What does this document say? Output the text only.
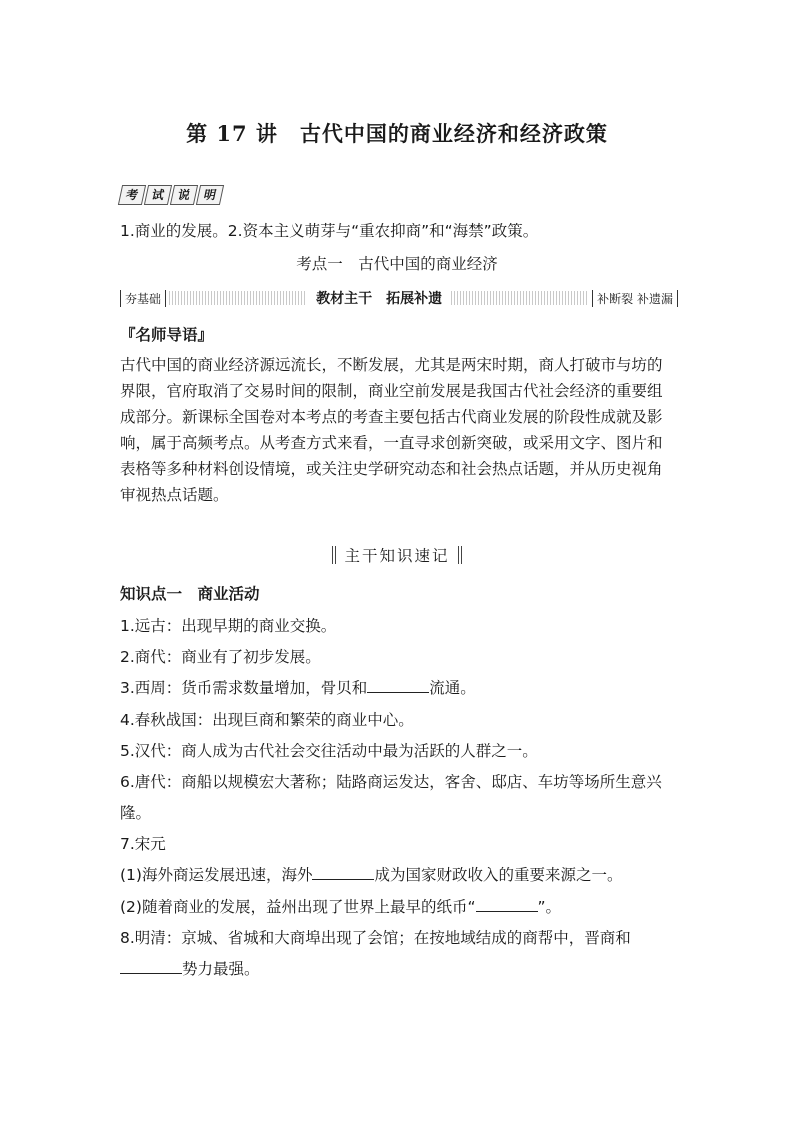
第 17 讲　古代中国的商业经济和经济政策
考 试 说 明
1.商业的发展。2.资本主义萌芽与“重农抑商”和“海禁”政策。
考点一　古代中国的商业经济
夯基础	教材主干　拓展补遗	补断裂 补遗漏
『名师导语』
古代中国的商业经济源远流长，不断发展，尤其是两宋时期，商人打破市与坊的
界限，官府取消了交易时间的限制，商业空前发展是我国古代社会经济的重要组
成部分。新课标全国卷对本考点的考查主要包括古代商业发展的阶段性成就及影
响，属于高频考点。从考查方式来看，一直寻求创新突破，或采用文字、图片和
表格等多种材料创设情境，或关注史学研究动态和社会热点话题，并从历史视角
审视热点话题。
主干知识速记
知识点一　商业活动
1.远古：出现早期的商业交换。
2.商代：商业有了初步发展。
3.西周：货币需求数量增加，骨贝和	流通。
4.春秋战国：出现巨商和繁荣的商业中心。
5.汉代：商人成为古代社会交往活动中最为活跃的人群之一。
6.唐代：商船以规模宏大著称；陆路商运发达，客舍、邸店、车坊等场所生意兴
隆。
7.宋元
(1)海外商运发展迅速，海外	成为国家财政收入的重要来源之一。
(2)随着商业的发展，益州出现了世界上最早的纸币“	”。
8.明清：京城、省城和大商埠出现了会馆；在按地域结成的商帮中，晋商和
势力最强。
